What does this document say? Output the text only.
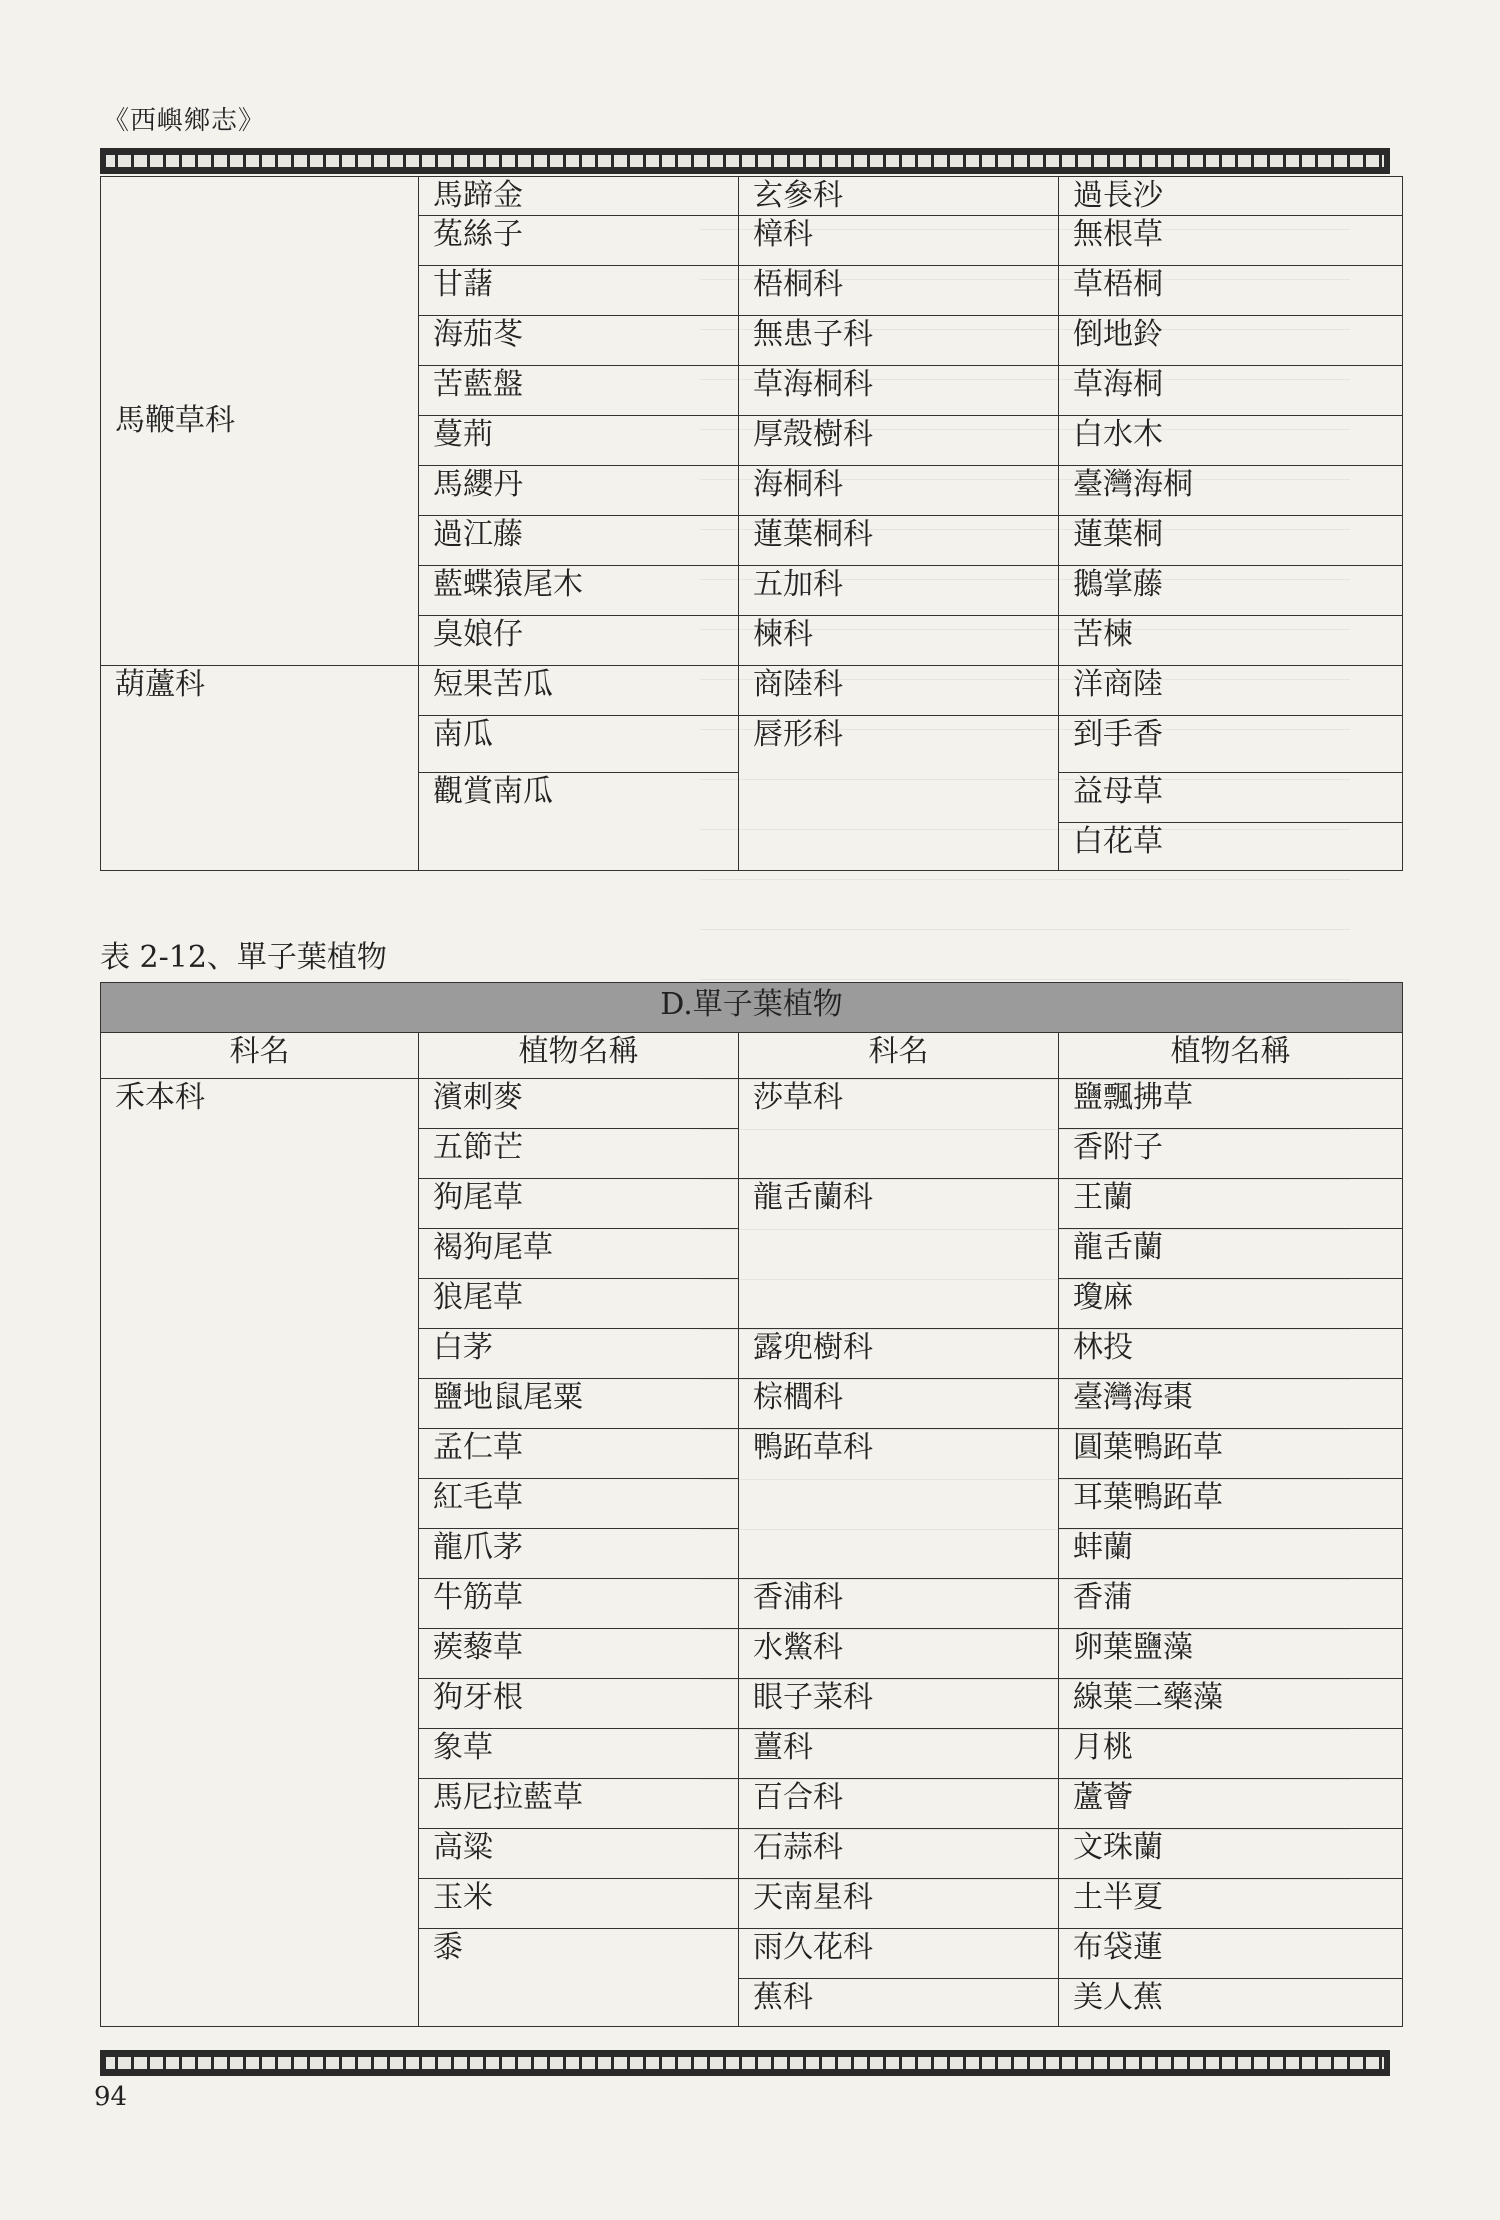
《西嶼鄉志》
馬鞭草科	馬蹄金	玄參科	過長沙
	菟絲子	樟科	無根草
	甘藷	梧桐科	草梧桐
	海茄苳	無患子科	倒地鈴
	苦藍盤	草海桐科	草海桐
	蔓荊	厚殼樹科	白水木
	馬纓丹	海桐科	臺灣海桐
	過江藤	蓮葉桐科	蓮葉桐
	藍蝶猿尾木	五加科	鵝掌藤
	臭娘仔	楝科	苦楝
葫蘆科	短果苦瓜	商陸科	洋商陸
	南瓜	唇形科	到手香
	觀賞南瓜		益母草
			白花草
表 2-12、單子葉植物
D.單子葉植物			
科名	植物名稱	科名	植物名稱
禾本科	濱刺麥	莎草科	鹽飄拂草
	五節芒		香附子
	狗尾草	龍舌蘭科	王蘭
	褐狗尾草		龍舌蘭
	狼尾草		瓊麻
	白茅	露兜樹科	林投
	鹽地鼠尾粟	棕櫚科	臺灣海棗
	孟仁草	鴨跖草科	圓葉鴨跖草
	紅毛草		耳葉鴨跖草
	龍爪茅		蚌蘭
	牛筋草	香浦科	香蒲
	蒺藜草	水鱉科	卵葉鹽藻
	狗牙根	眼子菜科	線葉二藥藻
	象草	薑科	月桃
	馬尼拉藍草	百合科	蘆薈
	高粱	石蒜科	文珠蘭
	玉米	天南星科	土半夏
	黍	雨久花科	布袋蓮
		蕉科	美人蕉
94
